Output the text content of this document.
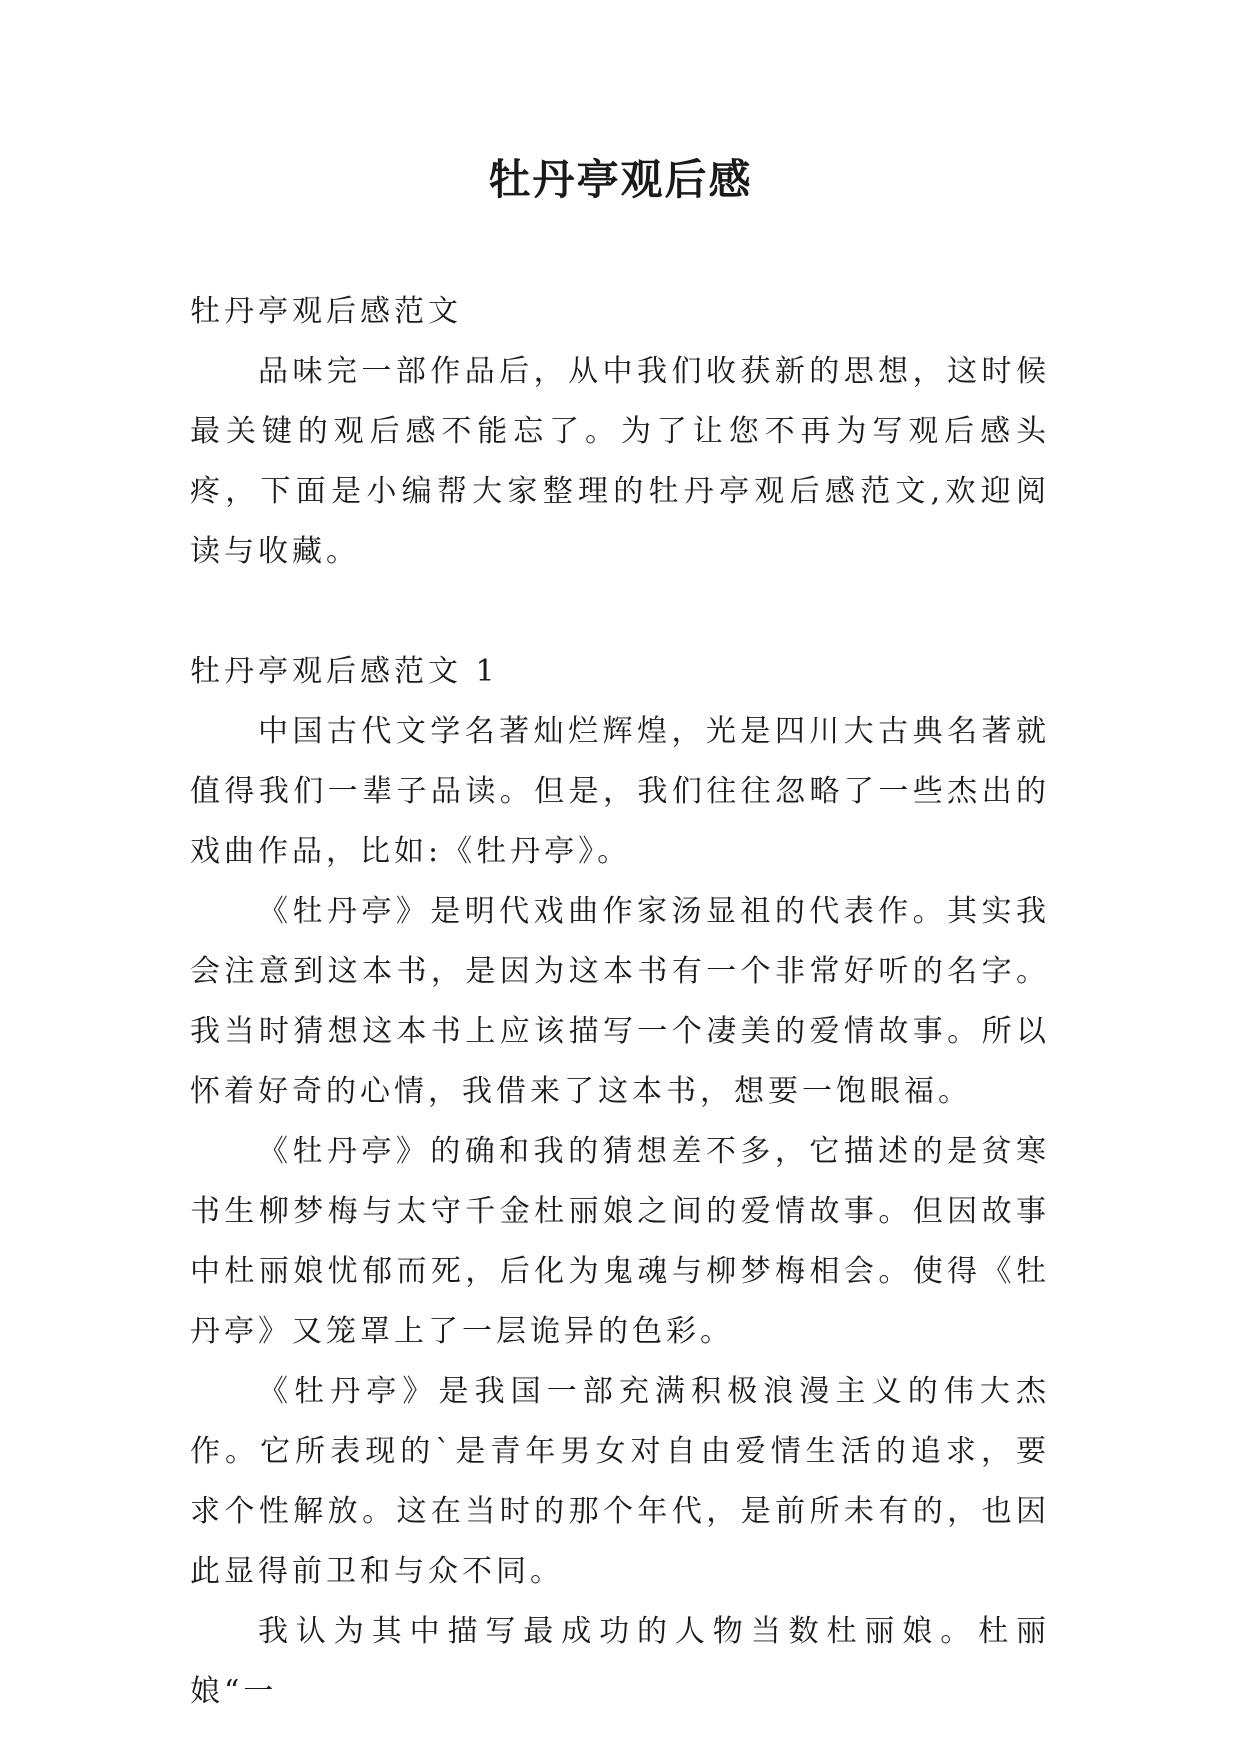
牡丹亭观后感

牡丹亭观后感范文

品味完一部作品后，从中我们收获新的思想，这时候最关键的观后感不能忘了。为了让您不再为写观后感头疼，下面是小编帮大家整理的牡丹亭观后感范文,欢迎阅读与收藏。

牡丹亭观后感范文 1

中国古代文学名著灿烂辉煌，光是四川大古典名著就值得我们一辈子品读。但是，我们往往忽略了一些杰出的戏曲作品，比如:《牡丹亭》。

《牡丹亭》是明代戏曲作家汤显祖的代表作。其实我会注意到这本书，是因为这本书有一个非常好听的名字。我当时猜想这本书上应该描写一个凄美的爱情故事。所以怀着好奇的心情，我借来了这本书，想要一饱眼福。

《牡丹亭》的确和我的猜想差不多，它描述的是贫寒书生柳梦梅与太守千金杜丽娘之间的爱情故事。但因故事中杜丽娘忧郁而死，后化为鬼魂与柳梦梅相会。使得《牡丹亭》又笼罩上了一层诡异的色彩。

《牡丹亭》是我国一部充满积极浪漫主义的伟大杰作。它所表现的`是青年男女对自由爱情生活的追求，要求个性解放。这在当时的那个年代，是前所未有的，也因此显得前卫和与众不同。

我认为其中描写最成功的人物当数杜丽娘。杜丽娘“一
